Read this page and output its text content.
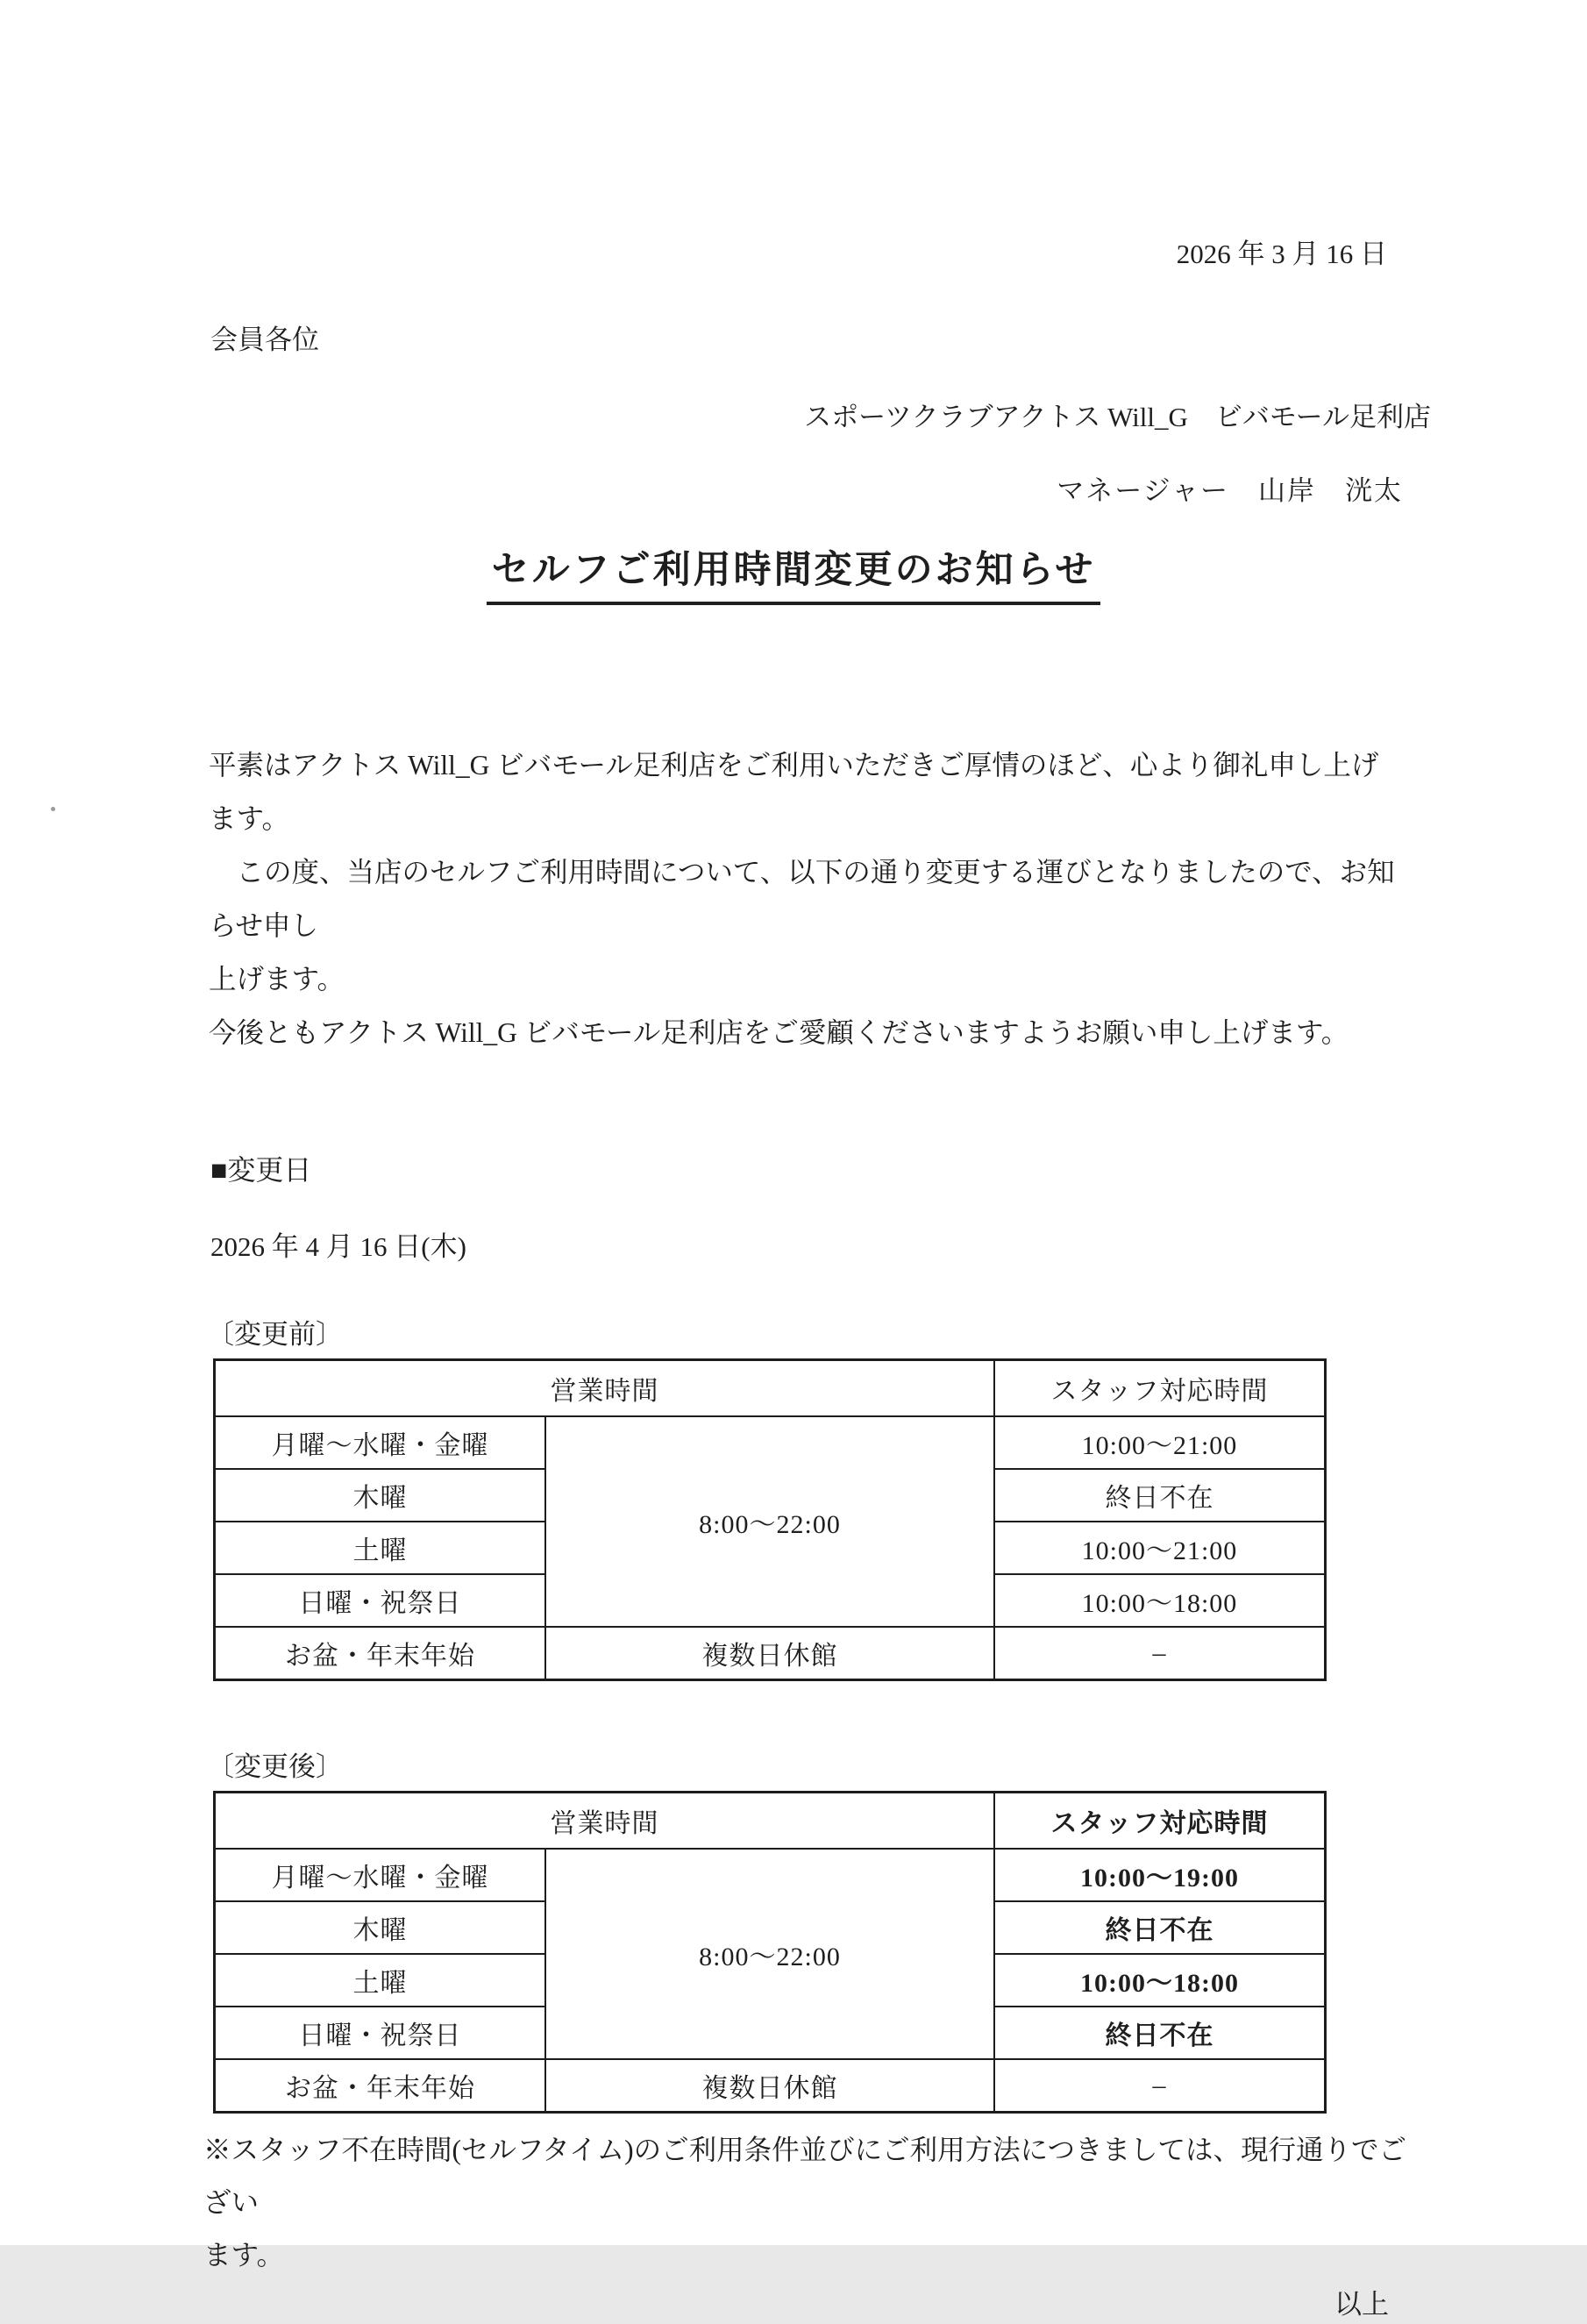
2026 年 3 月 16 日
会員各位
スポーツクラブアクトス Will_G　ビバモール足利店
マネージャー　山岸　洸太
セルフご利用時間変更のお知らせ
平素はアクトス Will_G ビバモール足利店をご利用いただきご厚情のほど、心より御礼申し上げます。
　この度、当店のセルフご利用時間について、以下の通り変更する運びとなりましたので、お知らせ申し
上げます。
今後ともアクトス Will_G ビバモール足利店をご愛顧くださいますようお願い申し上げます。
■変更日
2026 年 4 月 16 日(木)
〔変更前〕
営業時間		スタッフ対応時間
月曜～水曜・金曜	8:00～22:00	10:00～21:00
木曜		終日不在
土曜		10:00～21:00
日曜・祝祭日		10:00～18:00
お盆・年末年始	複数日休館	–
〔変更後〕
営業時間		スタッフ対応時間
月曜～水曜・金曜	8:00～22:00	10:00～19:00
木曜		終日不在
土曜		10:00～18:00
日曜・祝祭日		終日不在
お盆・年末年始	複数日休館	–
※スタッフ不在時間(セルフタイム)のご利用条件並びにご利用方法につきましては、現行通りでござい
ます。
以上
